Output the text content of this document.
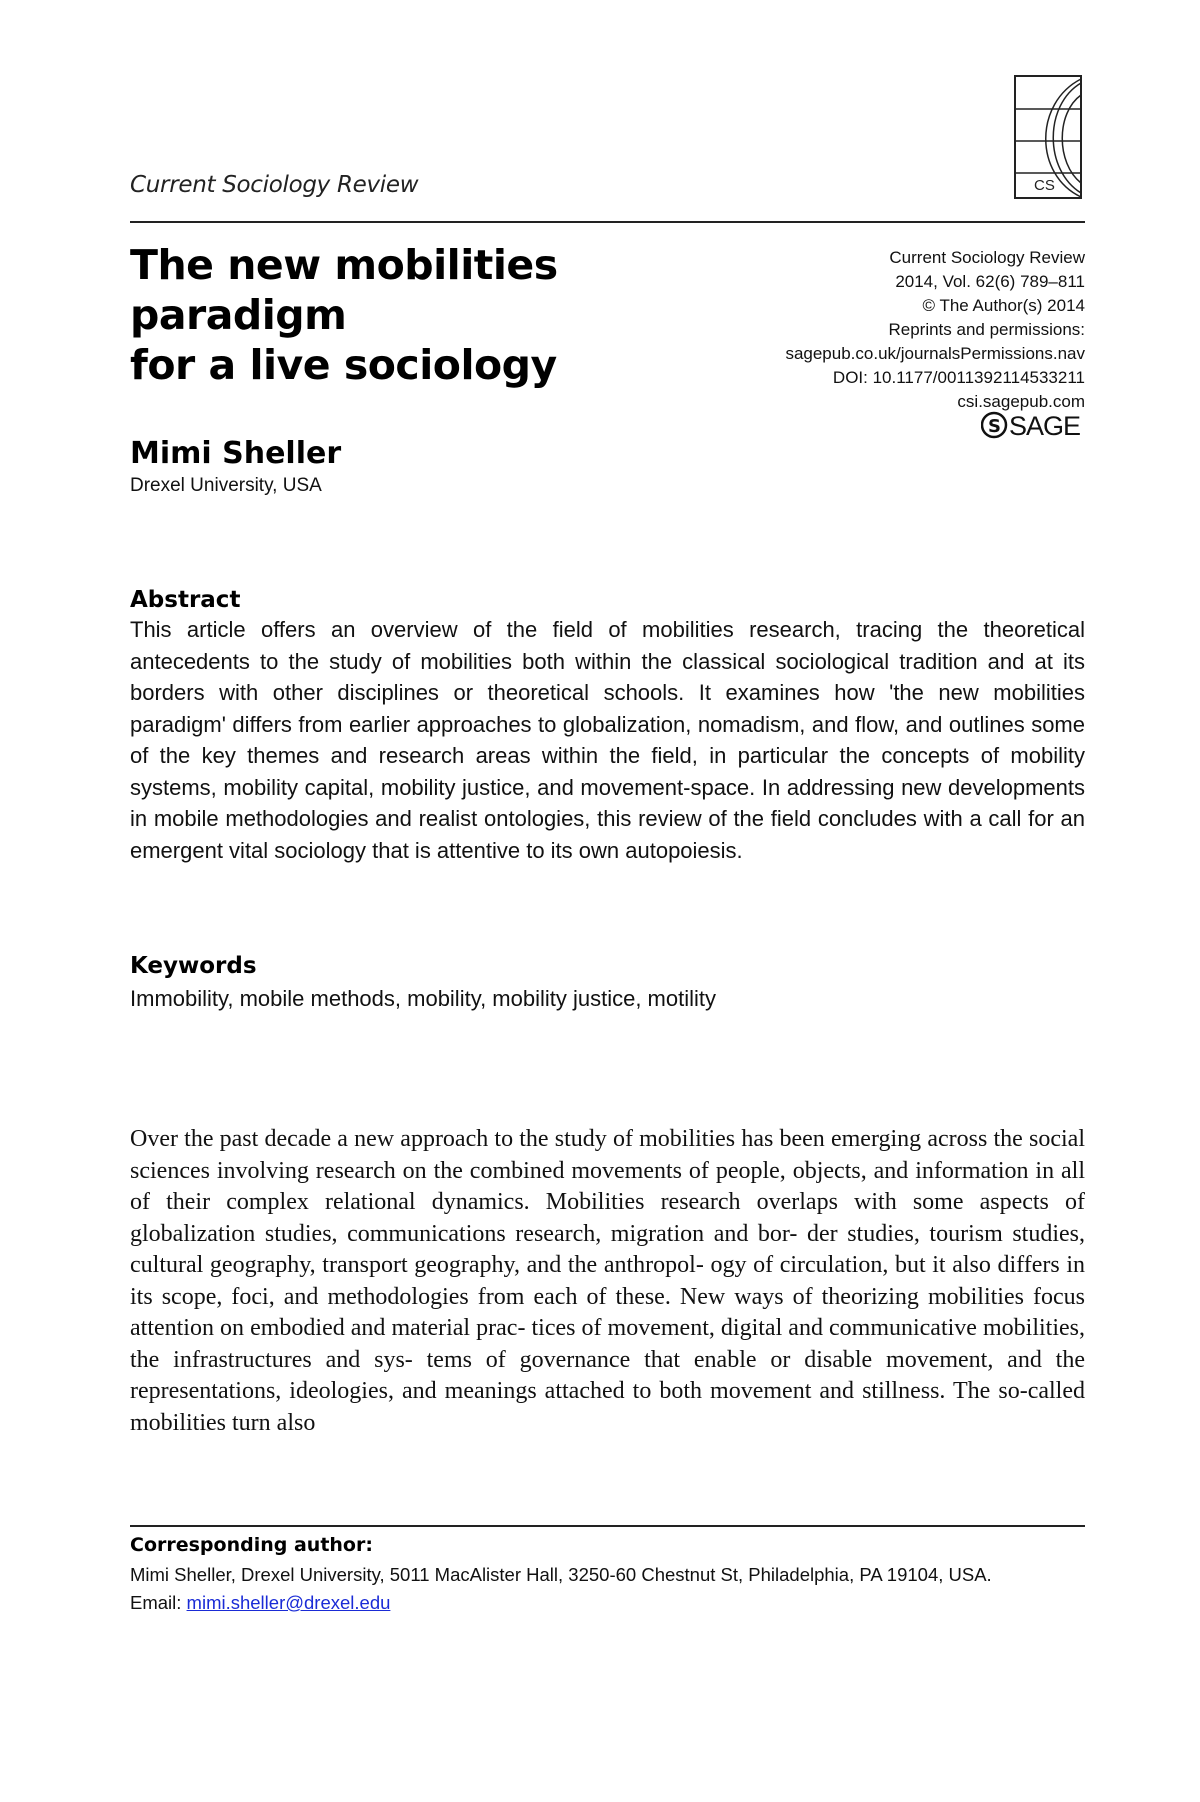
CS
Current Sociology Review
The new mobilities paradigm
for a live sociology
Current Sociology Review
2014, Vol. 62(6) 789–811
© The Author(s) 2014
Reprints and permissions:
sagepub.co.uk/journalsPermissions.nav
DOI: 10.1177/0011392114533211
csi.sagepub.com
S SAGE
Mimi Sheller
Drexel University, USA
Abstract

This article offers an overview of the field of mobilities research, tracing the theoretical antecedents to the study of mobilities both within the classical sociological tradition and at its borders with other disciplines or theoretical schools. It examines how 'the new mobilities paradigm' differs from earlier approaches to globalization, nomadism, and flow, and outlines some of the key themes and research areas within the field, in particular the concepts of mobility systems, mobility capital, mobility justice, and movement-space. In addressing new developments in mobile methodologies and realist ontologies, this review of the field concludes with a call for an emergent vital sociology that is attentive to its own autopoiesis.

Keywords
Immobility, mobile methods, mobility, mobility justice, motility

Over the past decade a new approach to the study of mobilities has been emerging across the social sciences involving research on the combined movements of people, objects, and information in all of their complex relational dynamics. Mobilities research overlaps with some aspects of globalization studies, communications research, migration and bor- der studies, tourism studies, cultural geography, transport geography, and the anthropol- ogy of circulation, but it also differs in its scope, foci, and methodologies from each of these. New ways of theorizing mobilities focus attention on embodied and material prac- tices of movement, digital and communicative mobilities, the infrastructures and sys- tems of governance that enable or disable movement, and the representations, ideologies, and meanings attached to both movement and stillness. The so-called mobilities turn also

Corresponding author:
Mimi Sheller, Drexel University, 5011 MacAlister Hall, 3250-60 Chestnut St, Philadelphia, PA 19104, USA.
Email: mimi.sheller@drexel.edu
